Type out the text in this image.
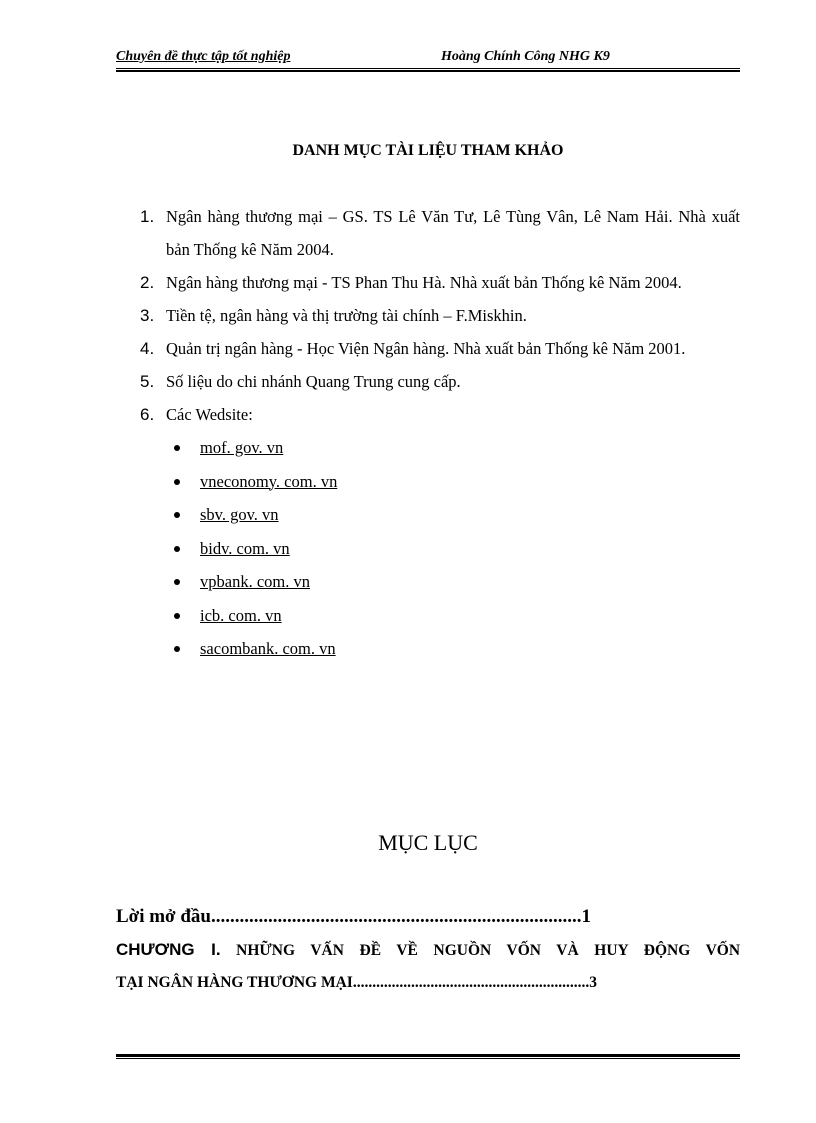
Chuyên đề thực tập tốt nghiệp	Hoàng Chính Công NHG K9
DANH MỤC TÀI LIỆU THAM KHẢO
1. Ngân hàng thương mại – GS. TS Lê Văn Tư, Lê Tùng Vân, Lê Nam Hải. Nhà xuất bản Thống kê Năm 2004.
2. Ngân hàng thương mại - TS Phan Thu Hà. Nhà xuất bản Thống kê Năm 2004.
3. Tiền tệ, ngân hàng và thị trường tài chính – F.Miskhin.
4. Quản trị ngân hàng - Học Viện Ngân hàng. Nhà xuất bản Thống kê Năm 2001.
5. Số liệu do chi nhánh Quang Trung cung cấp.
6. Các Wedsite:
mof. gov. vn
vneconomy. com. vn
sbv. gov. vn
bidv. com. vn
vpbank. com. vn
icb. com. vn
sacombank. com. vn
MỤC LỤC
Lời mở đầu..............................................................................1
CHƯƠNG I. NHỮNG VẤN ĐỀ VỀ NGUỒN VỐN VÀ HUY ĐỘNG VỐN
TẠI NGÂN HÀNG THƯƠNG MẠI.............................................................3
